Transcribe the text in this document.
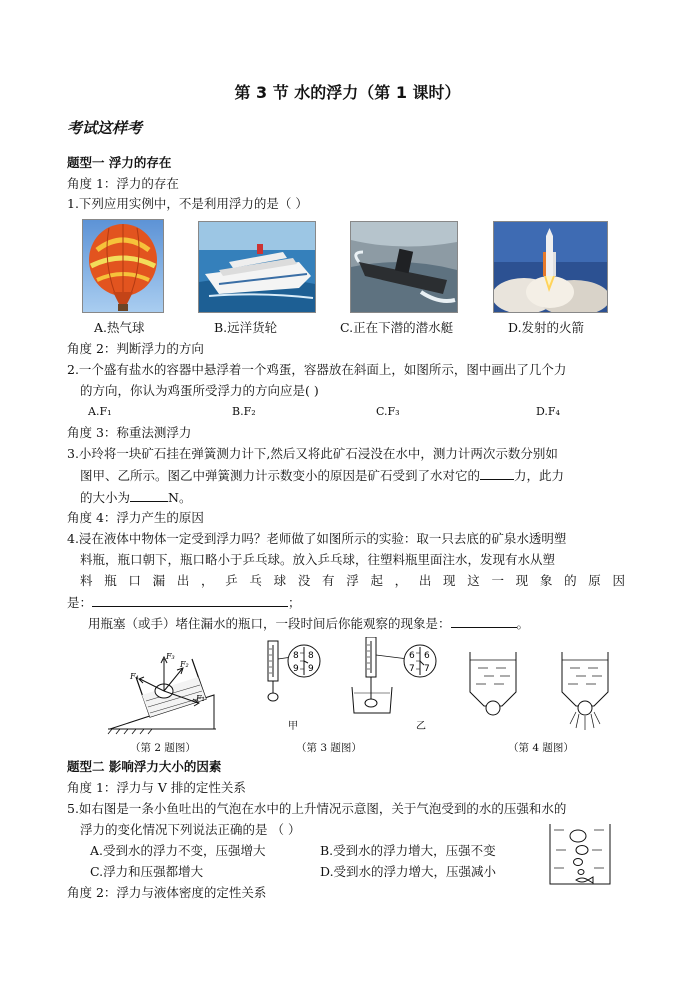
第 3 节 水的浮力（第 1 课时）
考试这样考
题型一 浮力的存在
角度 1：浮力的存在
1.下列应用实例中，不是利用浮力的是（ ）
A.热气球	B.远洋货轮	C.正在下潜的潜水艇	D.发射的火箭
角度 2：判断浮力的方向
2.一个盛有盐水的容器中悬浮着一个鸡蛋，容器放在斜面上，如图所示，图中画出了几个力
的方向，你认为鸡蛋所受浮力的方向应是( )
A.F₁	B.F₂	C.F₃	D.F₄
角度 3：称重法测浮力
3.小玲将一块矿石挂在弹簧测力计下,然后又将此矿石浸没在水中，测力计两次示数分别如
图甲、乙所示。图乙中弹簧测力计示数变小的原因是矿石受到了水对它的	力，此力
的大小为	N。
角度 4：浮力产生的原因
4.浸在液体中物体一定受到浮力吗？老师做了如图所示的实验：取一只去底的矿泉水透明塑
料瓶，瓶口朝下，瓶口略小于乒乓球。放入乒乓球，往塑料瓶里面注水，发现有水从塑
料 瓶 口 漏 出 ， 乒 乓 球 没 有 浮 起 ， 出 现 这 一 现 象 的 原 因
是：	；
用瓶塞（或手）堵住漏水的瓶口，一段时间后你能观察的现象是：	。
F₃
F₂
F₄
F₁
8
9
8
9
甲
6
7
6
7
乙
（第 2 题图）	（第 3 题图）	（第 4 题图）
题型二 影响浮力大小的因素
角度 1：浮力与 V 排的定性关系
5.如右图是一条小鱼吐出的气泡在水中的上升情况示意图，关于气泡受到的水的压强和水的
浮力的变化情况下列说法正确的是 （ ）
A.受到水的浮力不变，压强增大	B.受到水的浮力增大，压强不变
C.浮力和压强都增大	D.受到水的浮力增大，压强减小
角度 2：浮力与液体密度的定性关系
